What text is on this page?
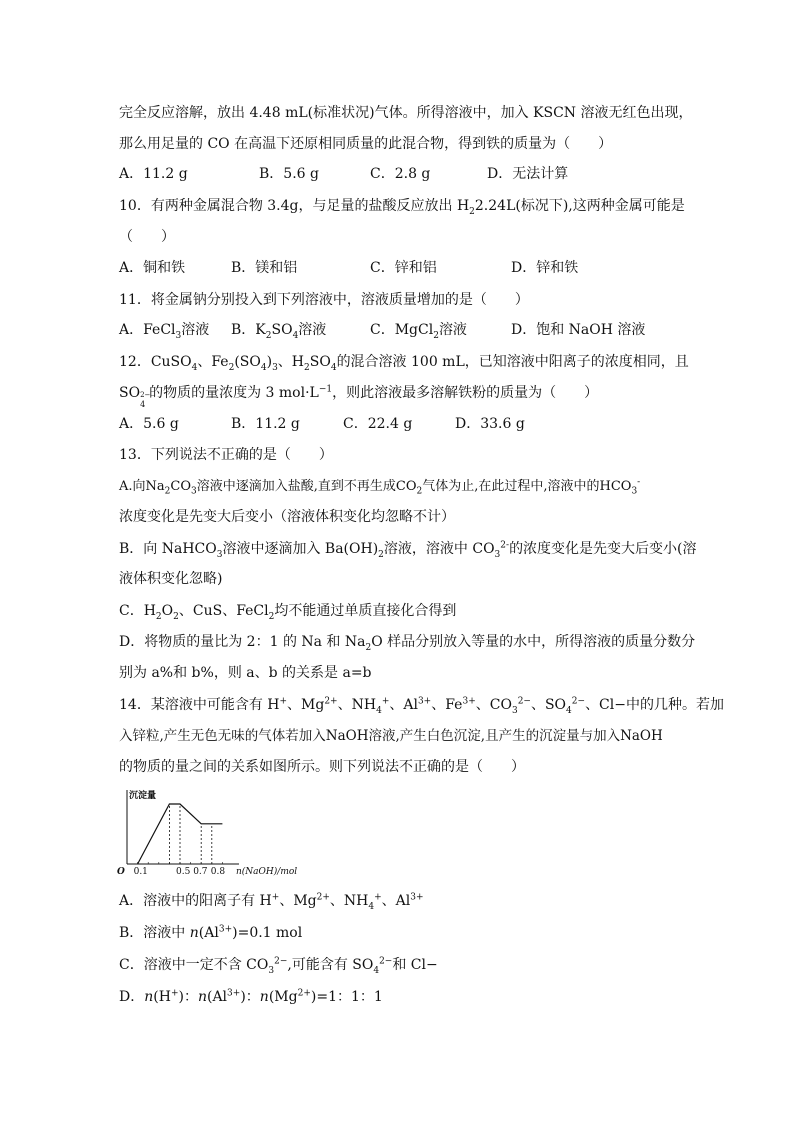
完全反应溶解，放出 4.48 mL(标准状况)气体。所得溶液中，加入 KSCN 溶液无红色出现，
那么用足量的 CO 在高温下还原相同质量的此混合物，得到铁的质量为（　　）
A．11.2 g	B．5.6 g	C．2.8 g	D．无法计算
10．有两种金属混合物 3.4g，与足量的盐酸反应放出 $H_22.24L$(标况下),这两种金属可能是
（　　）
A．铜和铁	B．镁和铝	C．锌和铝	D．锌和铁
11．将金属钠分别投入到下列溶液中，溶液质量增加的是（　　）
A．FeCl$_3$溶液 B．$K_2SO_4$溶液	C．MgCl$_2$溶液	D．饱和 NaOH 溶液
12．CuSO$_4$、$Fe_2(SO_4)_3$、$H_2SO_4$的混合溶液 100 mL，已知溶液中阳离子的浓度相同，且
SO 2−
4
的物质的量浓度为 3 $mol\cdot L^{-1}$，则此溶液最多溶解铁粉的质量为（　　）
A．5.6 g	B．11.2 g	C．22.4 g	D．33.6 g
13．下列说法不正确的是（　　）
A.向$Na_2CO_3$溶液中逐滴加入盐酸,直到不再生成$CO_2$气体为止,在此过程中,溶液中的$HCO_3^-$
浓度变化是先变大后变小（溶液体积变化均忽略不计）
B．向 NaHCO$_3$溶液中逐滴加入 $Ba(OH)_2$溶液，溶液中 $CO_3^{2-}$的浓度变化是先变大后变小(溶
液体积变化忽略)
C．$H_2O_2$、CuS、FeCl$_2$均不能通过单质直接化合得到
D．将物质的量比为 2：1 的 Na 和 $Na_2O$ 样品分别放入等量的水中，所得溶液的质量分数分
别为 a%和 b%，则 a、b 的关系是 a=b
14．某溶液中可能含有 H+、$Mg^{2+}$、$NH_4^+$、$Al^{3+}$、$Fe^{3+}$、$CO_3^{2-}$、$SO_4^{2-}$、Cl−中的几种。若加
入锌粒,产生无色无味的气体若加入NaOH溶液,产生白色沉淀,且产生的沉淀量与加入NaOH
的物质的量之间的关系如图所示。则下列说法不正确的是（　　）
沉淀量
n(NaOH)/mol
O 0.1	0.5 0.7 0.8
A．溶液中的阳离子有 H+、$Mg^{2+}$、$NH_4^+$、$Al^{3+}$
B．溶液中 $n(Al^{3+})=0.1$ mol
C．溶液中一定不含 $CO_3^{2-}$,可能含有 $SO_4^{2-}$和 Cl−
D．n(H+)：$n(Al^{3+})$：$n(Mg^{2+})=1$：1：1
